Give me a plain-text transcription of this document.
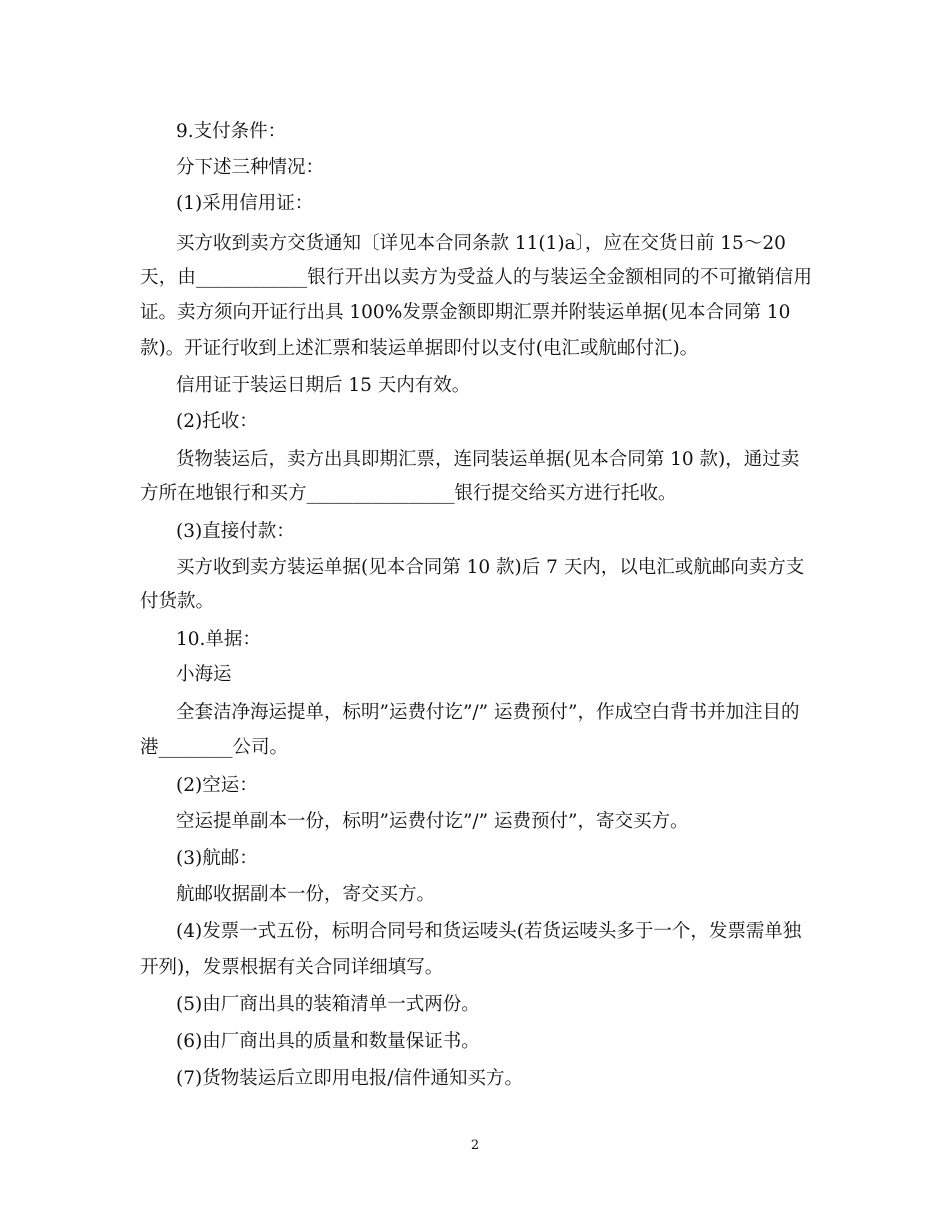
9.支付条件：
分下述三种情况：
(1)采用信用证：
买方收到卖方交货通知〔详见本合同条款 11(1)a〕，应在交货日前 15～20
天，由____________银行开出以卖方为受益人的与装运全金额相同的不可撤销信用
证。卖方须向开证行出具 100%发票金额即期汇票并附装运单据(见本合同第 10
款)。开证行收到上述汇票和装运单据即付以支付(电汇或航邮付汇)。
信用证于装运日期后 15 天内有效。
(2)托收：
货物装运后，卖方出具即期汇票，连同装运单据(见本合同第 10 款)，通过卖
方所在地银行和买方________________银行提交给买方进行托收。
(3)直接付款：
买方收到卖方装运单据(见本合同第 10 款)后 7 天内，以电汇或航邮向卖方支
付货款。
10.单据：
小海运
全套洁净海运提单，标明”运费付讫”/” 运费预付”，作成空白背书并加注目的
港________公司。
(2)空运：
空运提单副本一份，标明”运费付讫”/” 运费预付”，寄交买方。
(3)航邮：
航邮收据副本一份，寄交买方。
(4)发票一式五份，标明合同号和货运唛头(若货运唛头多于一个，发票需单独
开列)，发票根据有关合同详细填写。
(5)由厂商出具的装箱清单一式两份。
(6)由厂商出具的质量和数量保证书。
(7)货物装运后立即用电报/信件通知买方。
2
